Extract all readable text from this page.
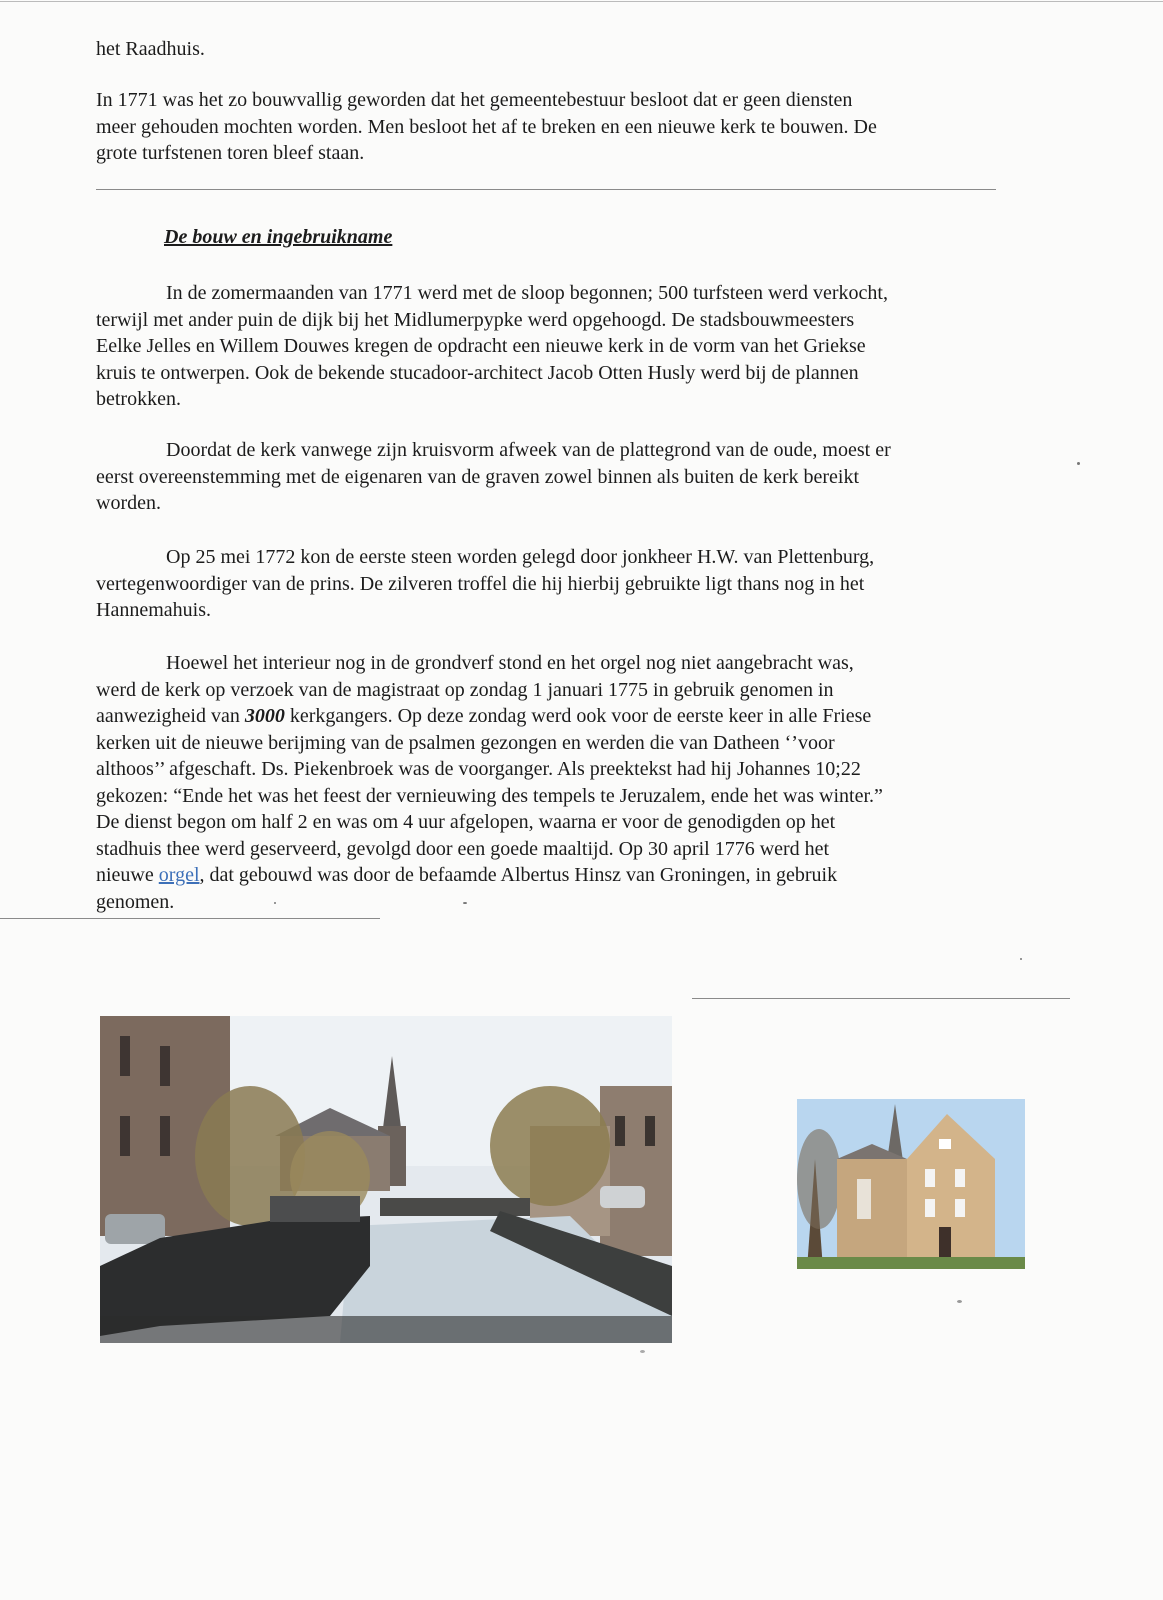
het Raadhuis.

In 1771 was het zo bouwvallig geworden dat het gemeentebestuur besloot dat er geen diensten
meer gehouden mochten worden. Men besloot het af te breken en een nieuwe kerk te bouwen. De
grote turfstenen toren bleef staan.

De bouw en ingebruikname

In de zomermaanden van 1771 werd met de sloop begonnen; 500 turfsteen werd verkocht,
terwijl met ander puin de dijk bij het Midlumerpypke werd opgehoogd. De stadsbouwmeesters
Eelke Jelles en Willem Douwes kregen de opdracht een nieuwe kerk in de vorm van het Griekse
kruis te ontwerpen. Ook de bekende stucadoor-architect Jacob Otten Husly werd bij de plannen
betrokken.

Doordat de kerk vanwege zijn kruisvorm afweek van de plattegrond van de oude, moest er
eerst overeenstemming met de eigenaren van de graven zowel binnen als buiten de kerk bereikt
worden.

Op 25 mei 1772 kon de eerste steen worden gelegd door jonkheer H.W. van Plettenburg,
vertegenwoordiger van de prins. De zilveren troffel die hij hierbij gebruikte ligt thans nog in het
Hannemahuis.

Hoewel het interieur nog in de grondverf stond en het orgel nog niet aangebracht was,
werd de kerk op verzoek van de magistraat op zondag 1 januari 1775 in gebruik genomen in
aanwezigheid van 3000 kerkgangers. Op deze zondag werd ook voor de eerste keer in alle Friese
kerken uit de nieuwe berijming van de psalmen gezongen en werden die van Datheen ‘’voor
althoos’’ afgeschaft. Ds. Piekenbroek was de voorganger. Als preektekst had hij Johannes 10;22
gekozen: “Ende het was het feest der vernieuwing des tempels te Jeruzalem, ende het was winter.”
De dienst begon om half 2 en was om 4 uur afgelopen, waarna er voor de genodigden op het
stadhuis thee werd geserveerd, gevolgd door een goede maaltijd. Op 30 april 1776 werd het
nieuwe orgel, dat gebouwd was door de befaamde Albertus Hinsz van Groningen, in gebruik
genomen.
